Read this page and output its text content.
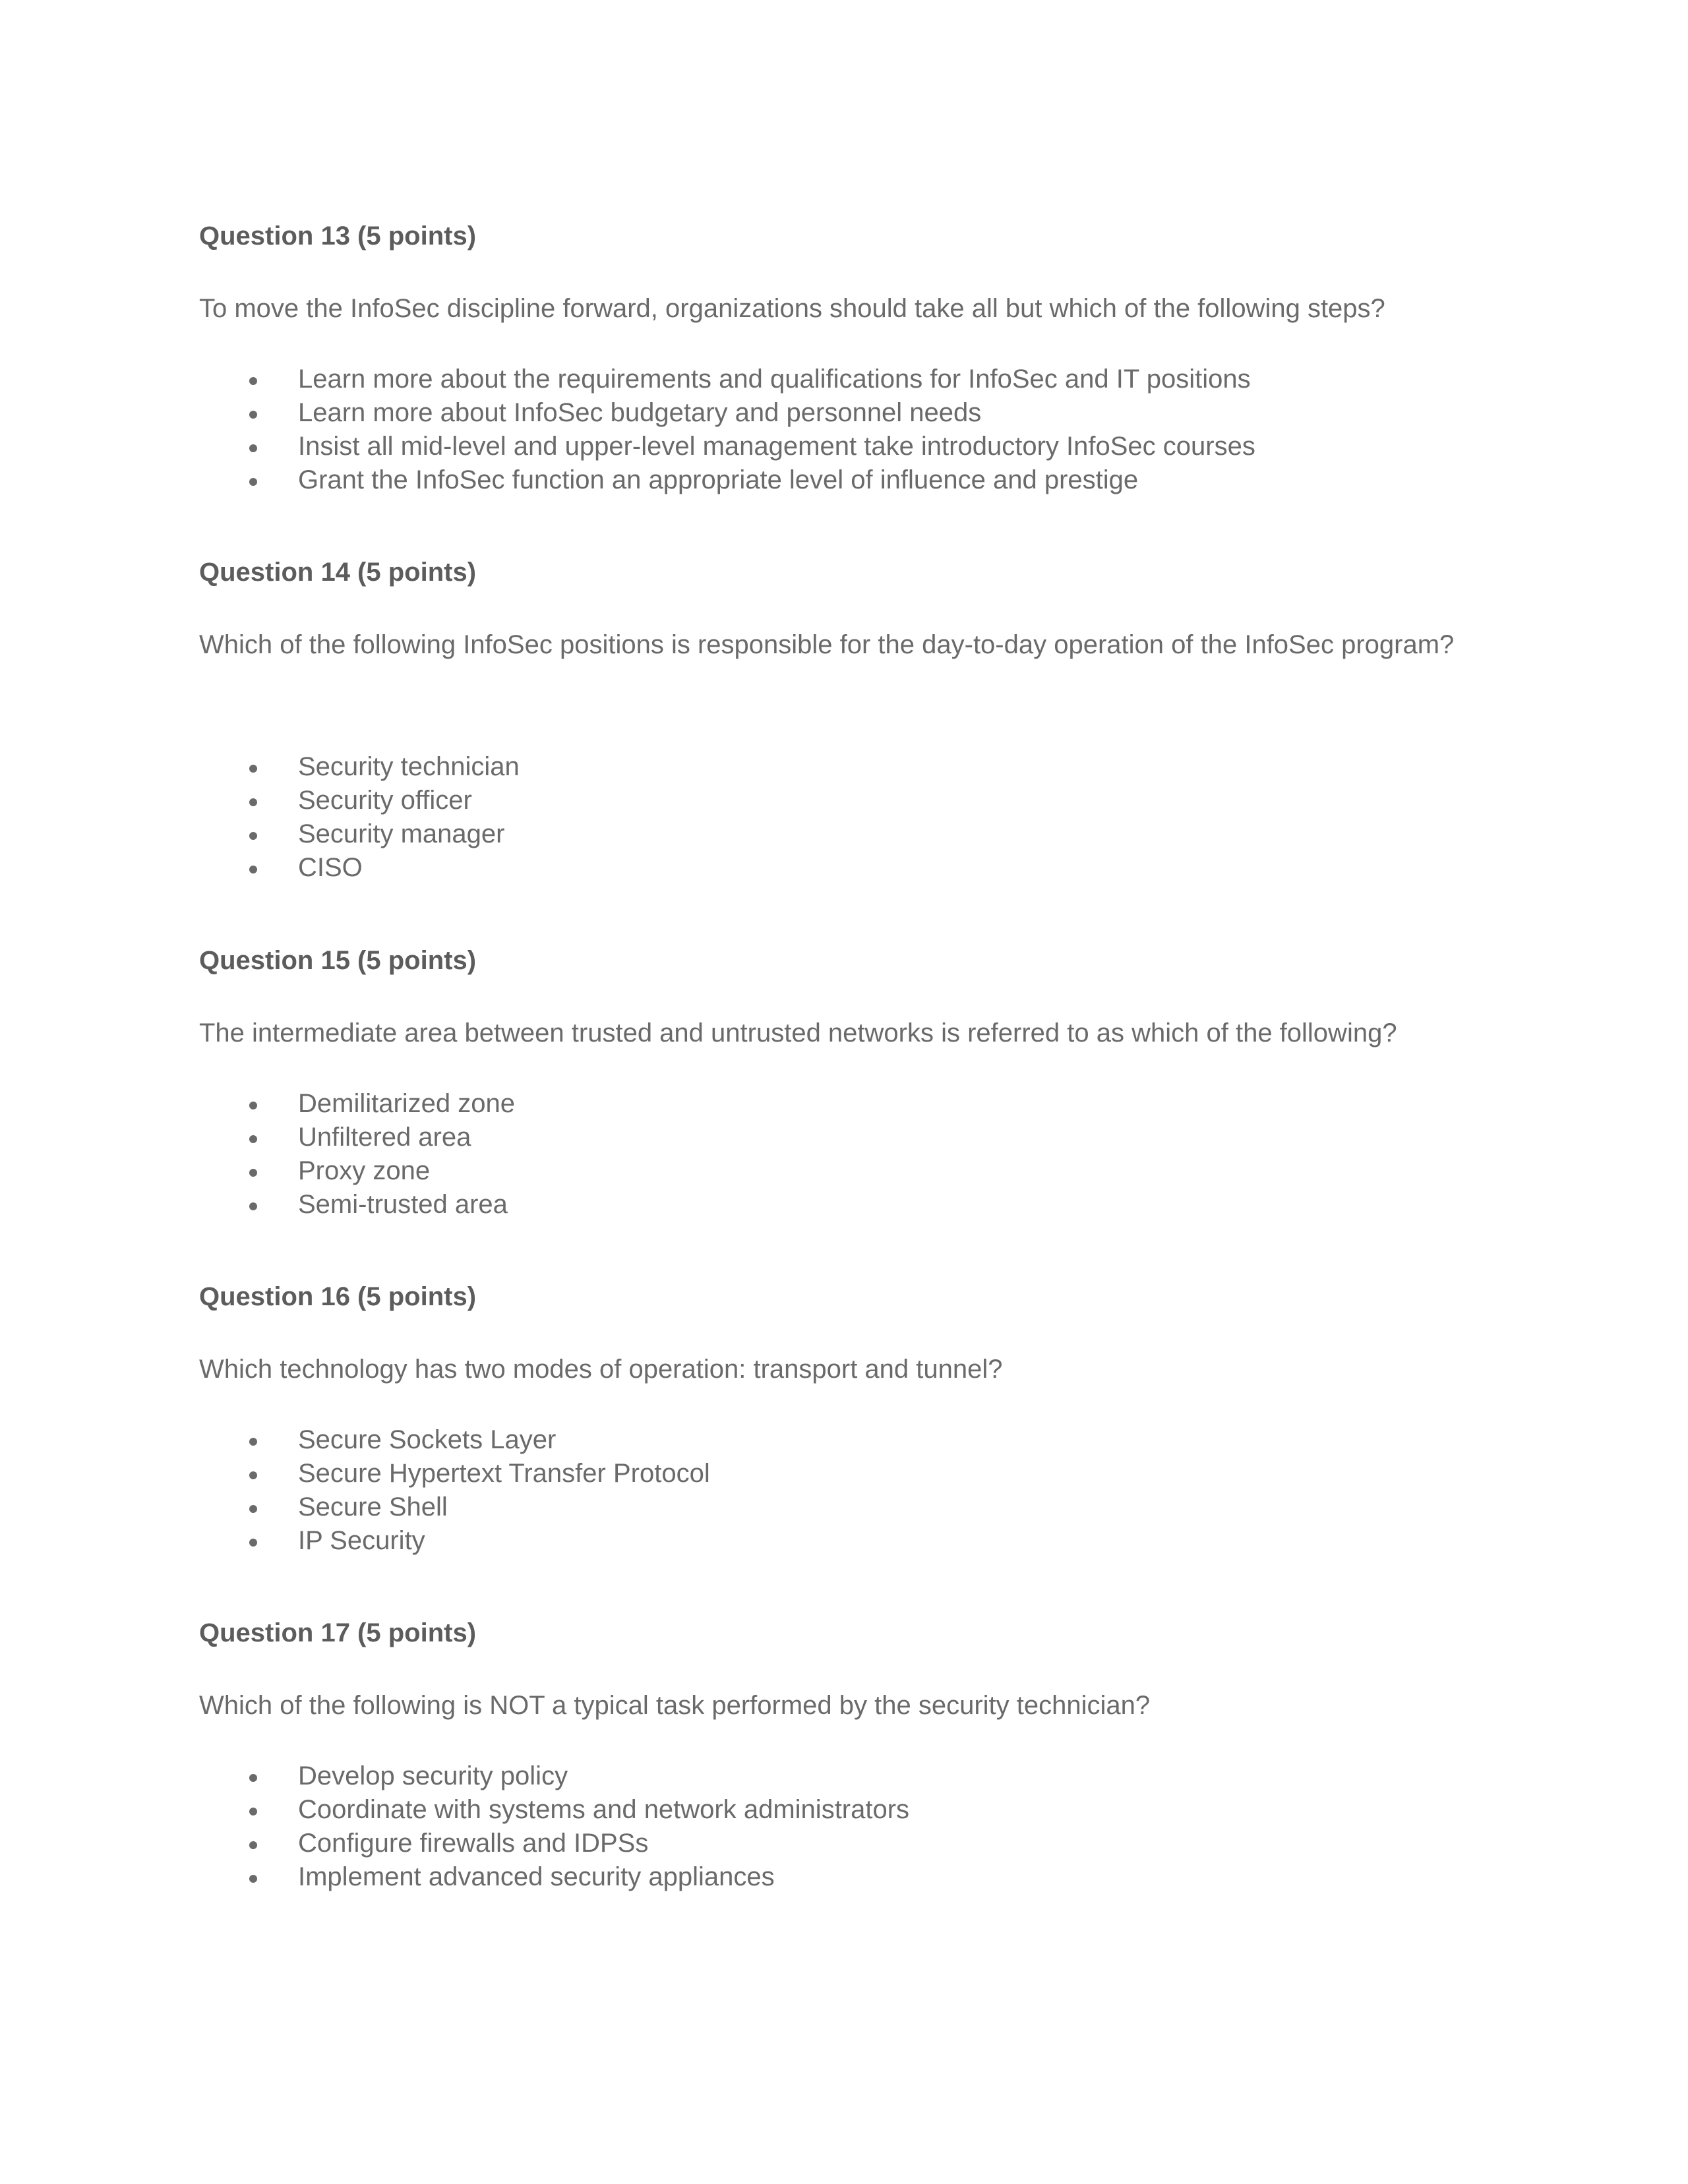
Question 13 (5 points)

To move the InfoSec discipline forward, organizations should take all but which of the following steps?

Learn more about the requirements and qualifications for InfoSec and IT positions
Learn more about InfoSec budgetary and personnel needs
Insist all mid-level and upper-level management take introductory InfoSec courses
Grant the InfoSec function an appropriate level of influence and prestige
Question 14 (5 points)

Which of the following InfoSec positions is responsible for the day-to-day operation of the InfoSec program?

Security technician
Security officer
Security manager
CISO
Question 15 (5 points)

The intermediate area between trusted and untrusted networks is referred to as which of the following?

Demilitarized zone
Unfiltered area
Proxy zone
Semi-trusted area
Question 16 (5 points)

Which technology has two modes of operation: transport and tunnel?

Secure Sockets Layer
Secure Hypertext Transfer Protocol
Secure Shell
IP Security
Question 17 (5 points)

Which of the following is NOT a typical task performed by the security technician?

Develop security policy
Coordinate with systems and network administrators
Configure firewalls and IDPSs
Implement advanced security appliances
